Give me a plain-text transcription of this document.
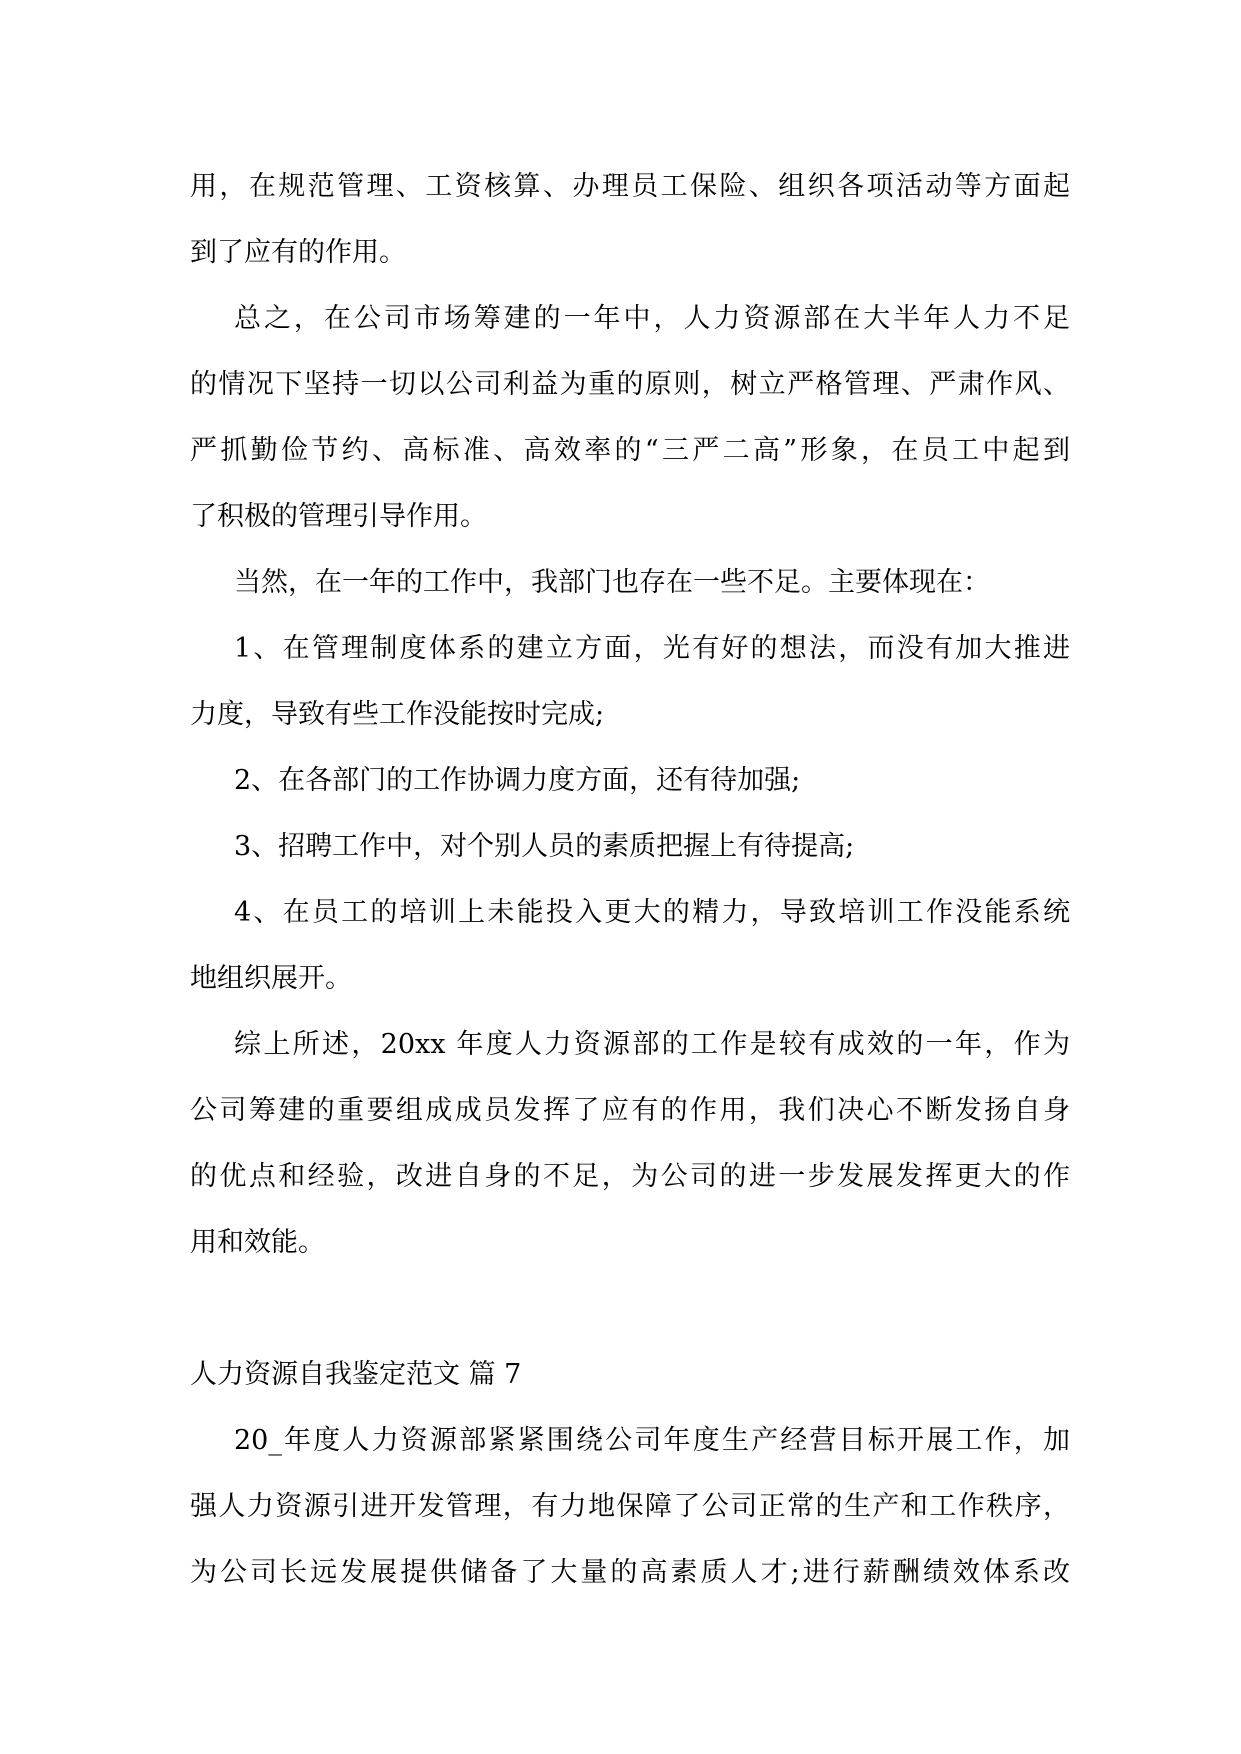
用，在规范管理、工资核算、办理员工保险、组织各项活动等方面起

到了应有的作用。

总之，在公司市场筹建的一年中，人力资源部在大半年人力不足

的情况下坚持一切以公司利益为重的原则，树立严格管理、严肃作风、

严抓勤俭节约、高标准、高效率的“三严二高”形象，在员工中起到

了积极的管理引导作用。

当然，在一年的工作中，我部门也存在一些不足。主要体现在：

1、在管理制度体系的建立方面，光有好的想法，而没有加大推进

力度，导致有些工作没能按时完成;

2、在各部门的工作协调力度方面，还有待加强;

3、招聘工作中，对个别人员的素质把握上有待提高;

4、在员工的培训上未能投入更大的精力，导致培训工作没能系统

地组织展开。

综上所述，20xx 年度人力资源部的工作是较有成效的一年，作为

公司筹建的重要组成成员发挥了应有的作用，我们决心不断发扬自身

的优点和经验，改进自身的不足，为公司的进一步发展发挥更大的作

用和效能。

人力资源自我鉴定范文 篇 7

20_年度人力资源部紧紧围绕公司年度生产经营目标开展工作，加

强人力资源引进开发管理，有力地保障了公司正常的生产和工作秩序，

为公司长远发展提供储备了大量的高素质人才;进行薪酬绩效体系改
